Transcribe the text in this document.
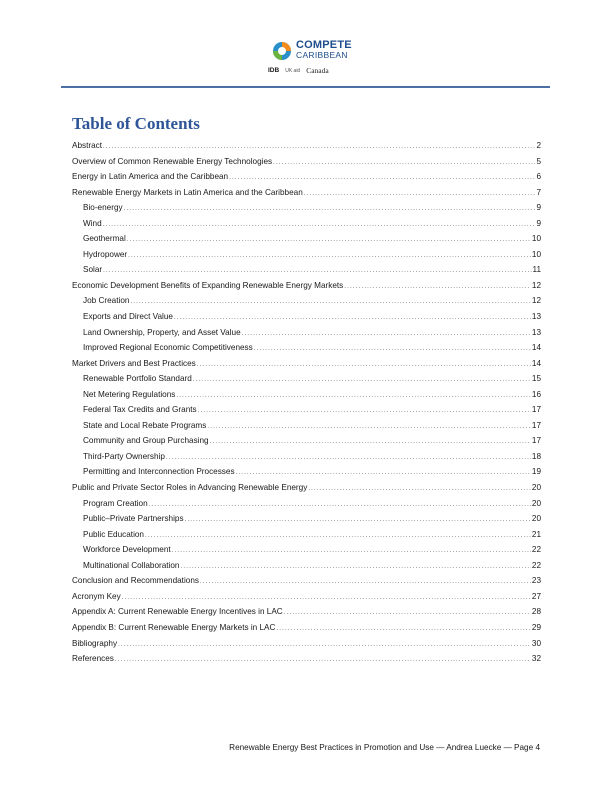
COMPETE
CARIBBEAN
IDB UK aid Canada
Table of Contents
Abstract .....	2
Overview of Common Renewable Energy Technologies .....	5
Energy in Latin America and the Caribbean .....	6
Renewable Energy Markets in Latin America and the Caribbean .....	7
Bio-energy .....	9
Wind .....	9
Geothermal .....	10
Hydropower .....	10
Solar .....	11
Economic Development Benefits of Expanding Renewable Energy Markets .....	12
Job Creation .....	12
Exports and Direct Value .....	13
Land Ownership, Property, and Asset Value .....	13
Improved Regional Economic Competitiveness .....	14
Market Drivers and Best Practices .....	14
Renewable Portfolio Standard .....	15
Net Metering Regulations .....	16
Federal Tax Credits and Grants .....	17
State and Local Rebate Programs .....	17
Community and Group Purchasing .....	17
Third-Party Ownership .....	18
Permitting and Interconnection Processes .....	19
Public and Private Sector Roles in Advancing Renewable Energy .....	20
Program Creation .....	20
Public–Private Partnerships .....	20
Public Education .....	21
Workforce Development .....	22
Multinational Collaboration .....	22
Conclusion and Recommendations .....	23
Acronym Key .....	27
Appendix A: Current Renewable Energy Incentives in LAC .....	28
Appendix B: Current Renewable Energy Markets in LAC .....	29
Bibliography .....	30
References .....	32
Renewable Energy Best Practices in Promotion and Use — Andrea Luecke — Page 4
